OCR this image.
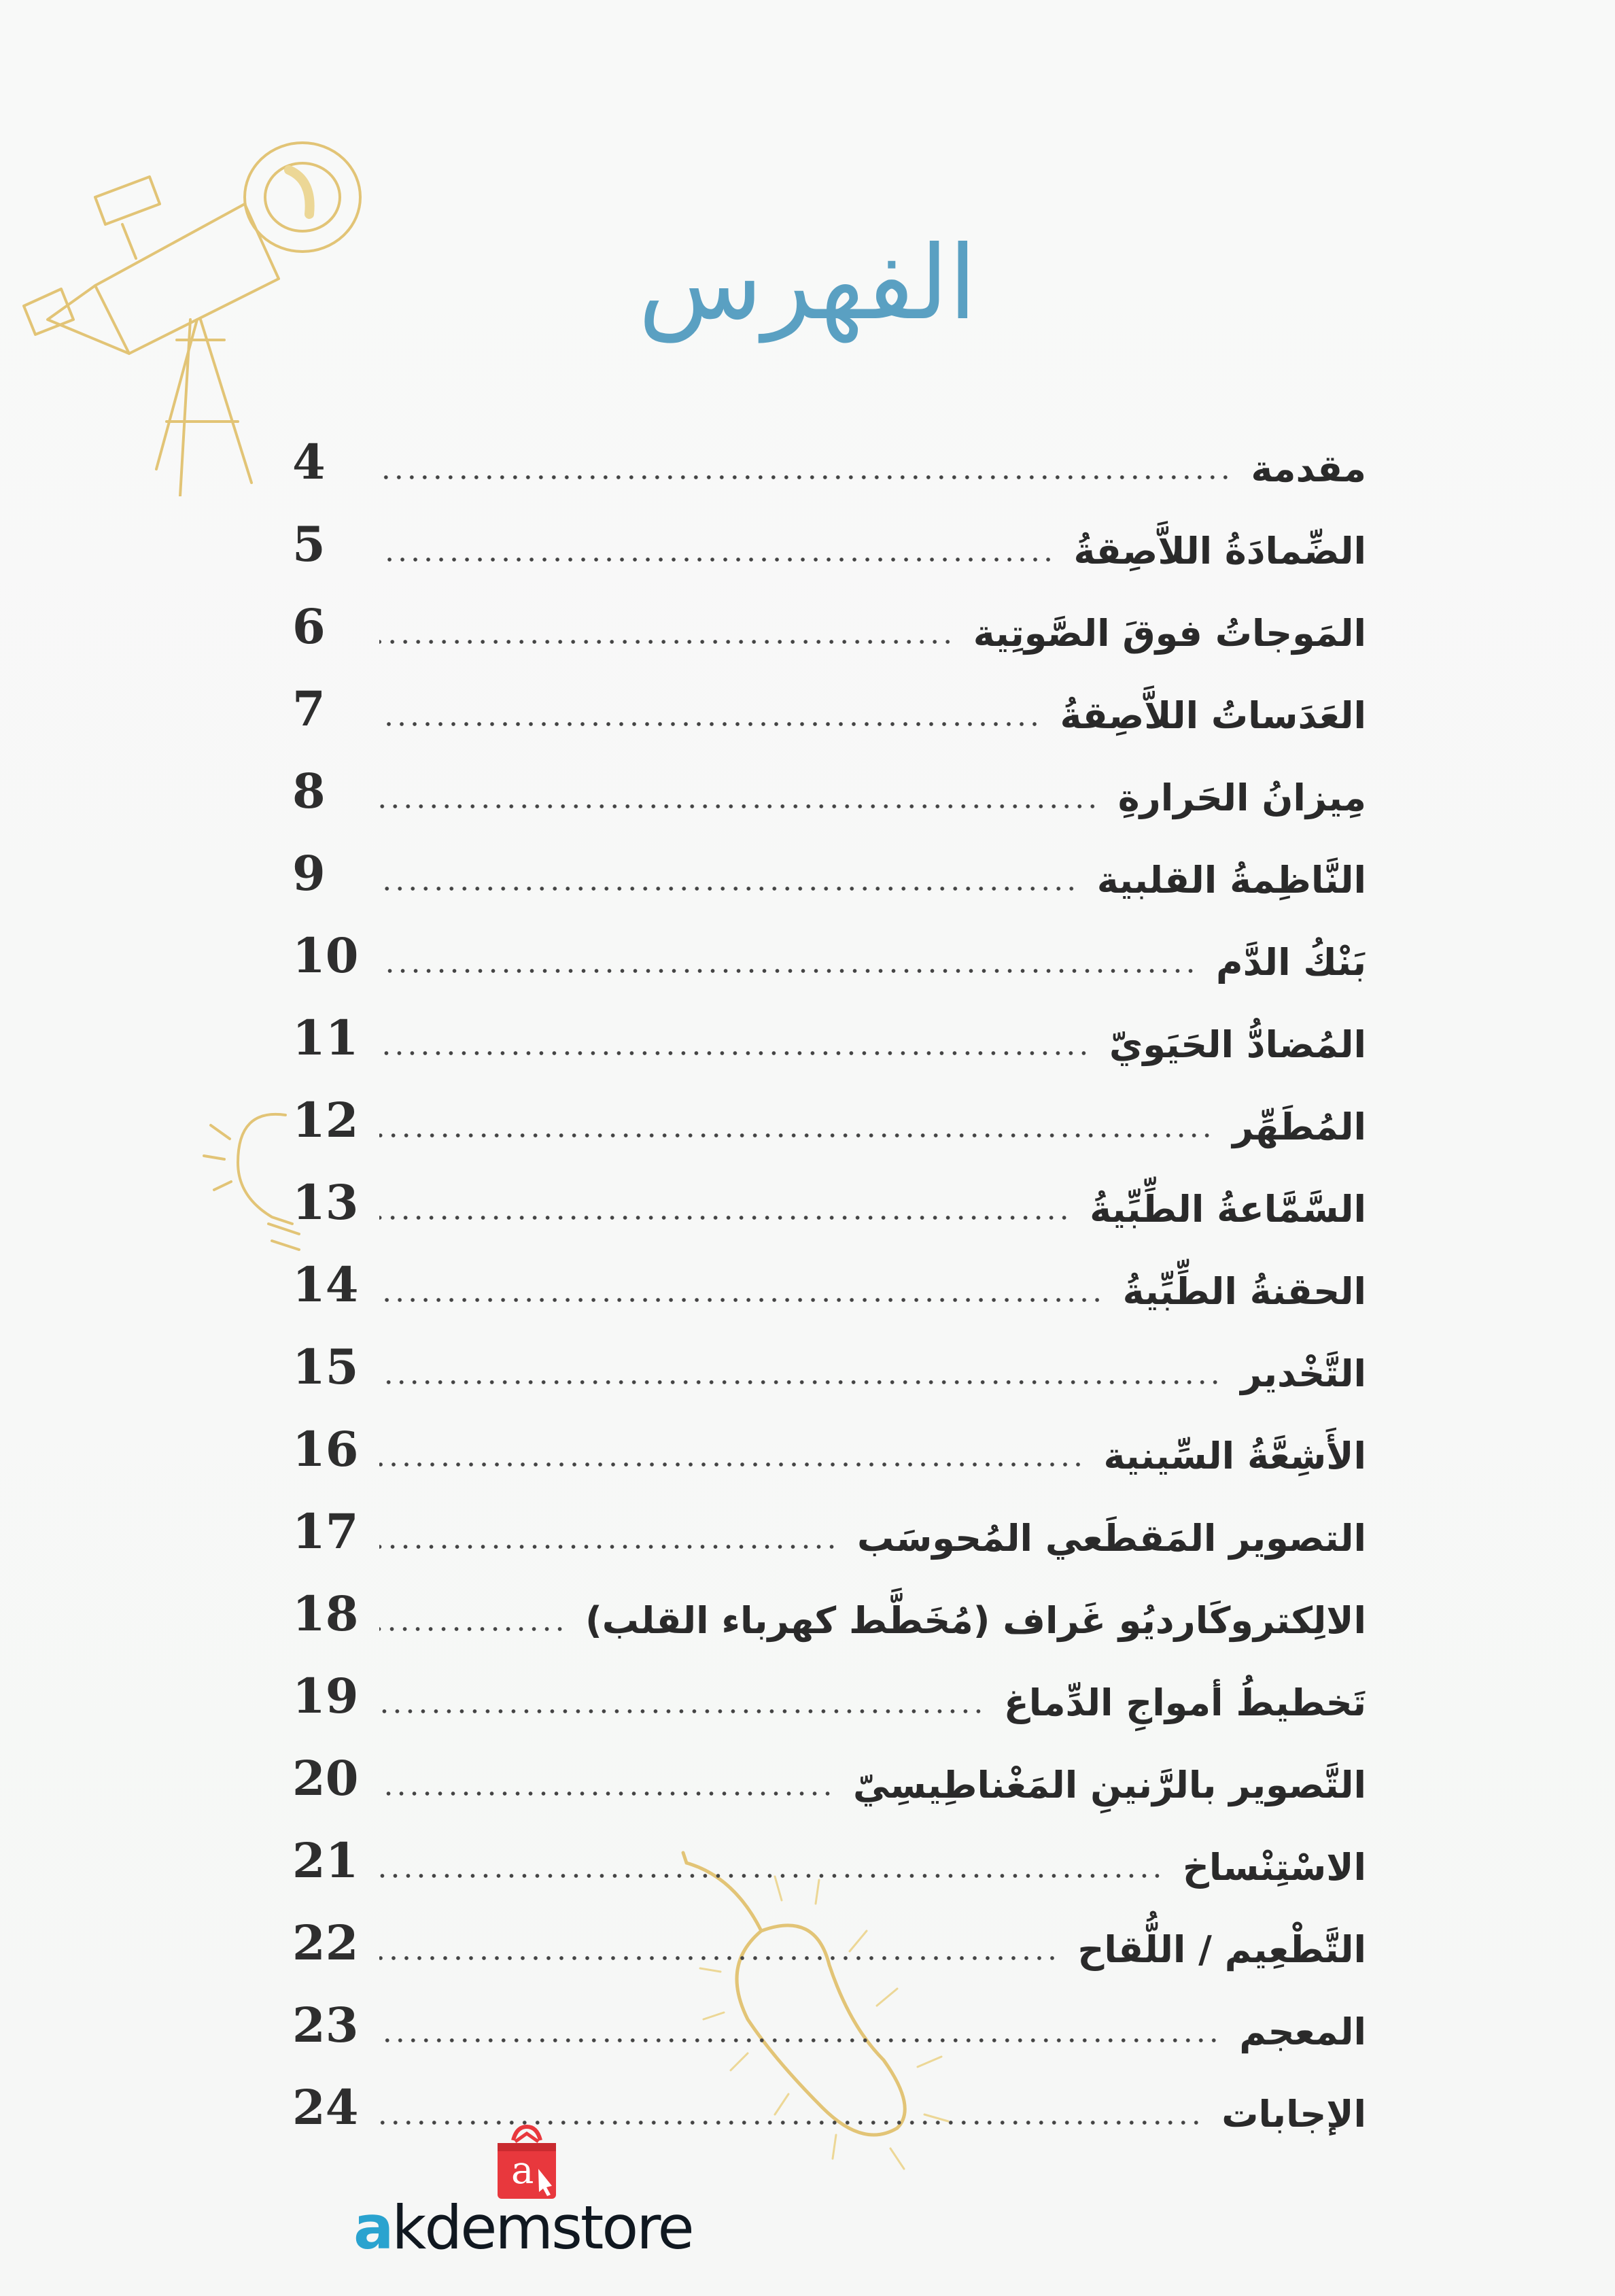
الفهرس
مقدمة
4
الضِّمادَةُ اللاَّصِقةُ
5
المَوجاتُ فوقَ الصَّوتِية
6
العَدَساتُ اللاَّصِقةُ
7
مِيزانُ الحَرارةِ
8
النَّاظِمةُ القلبية
9
بَنْكُ الدَّم
10
المُضادُّ الحَيَويّ
11
المُطَهِّر
12
السَّمَّاعةُ الطِّبِّيةُ
13
الحقنةُ الطِّبِّيةُ
14
التَّخْدير
15
الأَشِعَّةُ السِّينية
16
التصوير المَقطَعي المُحوسَب
17
الالِكتروكَارديُو غَراف (مُخَطَّط كهرباء القلب)
18
تَخطيطُ أمواجِ الدِّماغ
19
التَّصوير بالرَّنينِ المَغْناطِيسِيّ
20
الاسْتِنْساخ
21
التَّطْعِيم / اللُّقاح
22
المعجم
23
الإجابات
24
a
akdemstore
